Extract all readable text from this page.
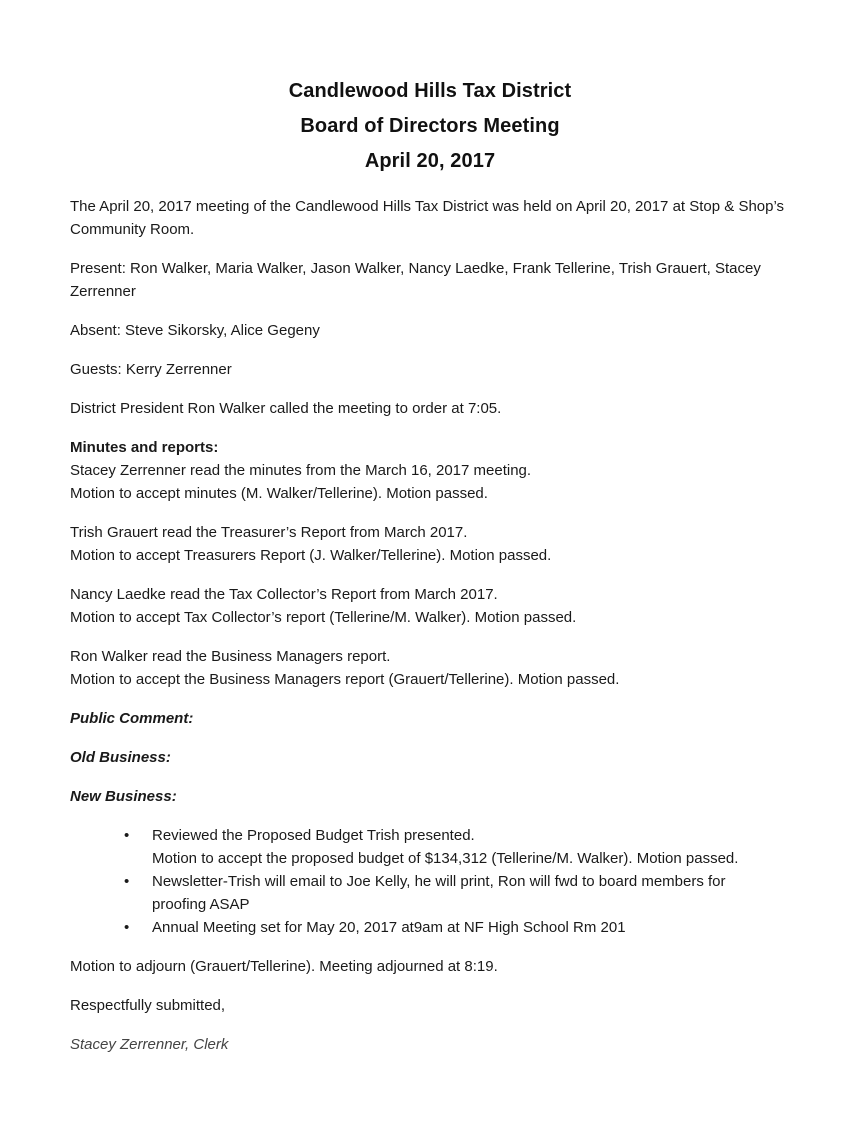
Candlewood Hills Tax District
Board of Directors Meeting
April 20, 2017

The April 20, 2017 meeting of the Candlewood Hills Tax District was held on April 20, 2017 at Stop & Shop’s Community Room.

Present: Ron Walker, Maria Walker, Jason Walker, Nancy Laedke, Frank Tellerine, Trish Grauert, Stacey Zerrenner

Absent: Steve Sikorsky, Alice Gegeny

Guests: Kerry Zerrenner

District President Ron Walker called the meeting to order at 7:05.

Minutes and reports:
Stacey Zerrenner read the minutes from the March 16, 2017 meeting.
Motion to accept minutes (M. Walker/Tellerine). Motion passed.
Trish Grauert read the Treasurer’s Report from March 2017.
Motion to accept Treasurers Report (J. Walker/Tellerine). Motion passed.
Nancy Laedke read the Tax Collector’s Report from March 2017.
Motion to accept Tax Collector’s report (Tellerine/M. Walker). Motion passed.
Ron Walker read the Business Managers report.
Motion to accept the Business Managers report (Grauert/Tellerine). Motion passed.
Public Comment:
Old Business:
New Business:
• Reviewed the Proposed Budget Trish presented.
Motion to accept the proposed budget of $134,312 (Tellerine/M. Walker). Motion passed.
• Newsletter-Trish will email to Joe Kelly, he will print, Ron will fwd to board members for
proofing ASAP
• Annual Meeting set for May 20, 2017 at9am at NF High School Rm 201

Motion to adjourn (Grauert/Tellerine). Meeting adjourned at 8:19.

Respectfully submitted,

Stacey Zerrenner, Clerk
